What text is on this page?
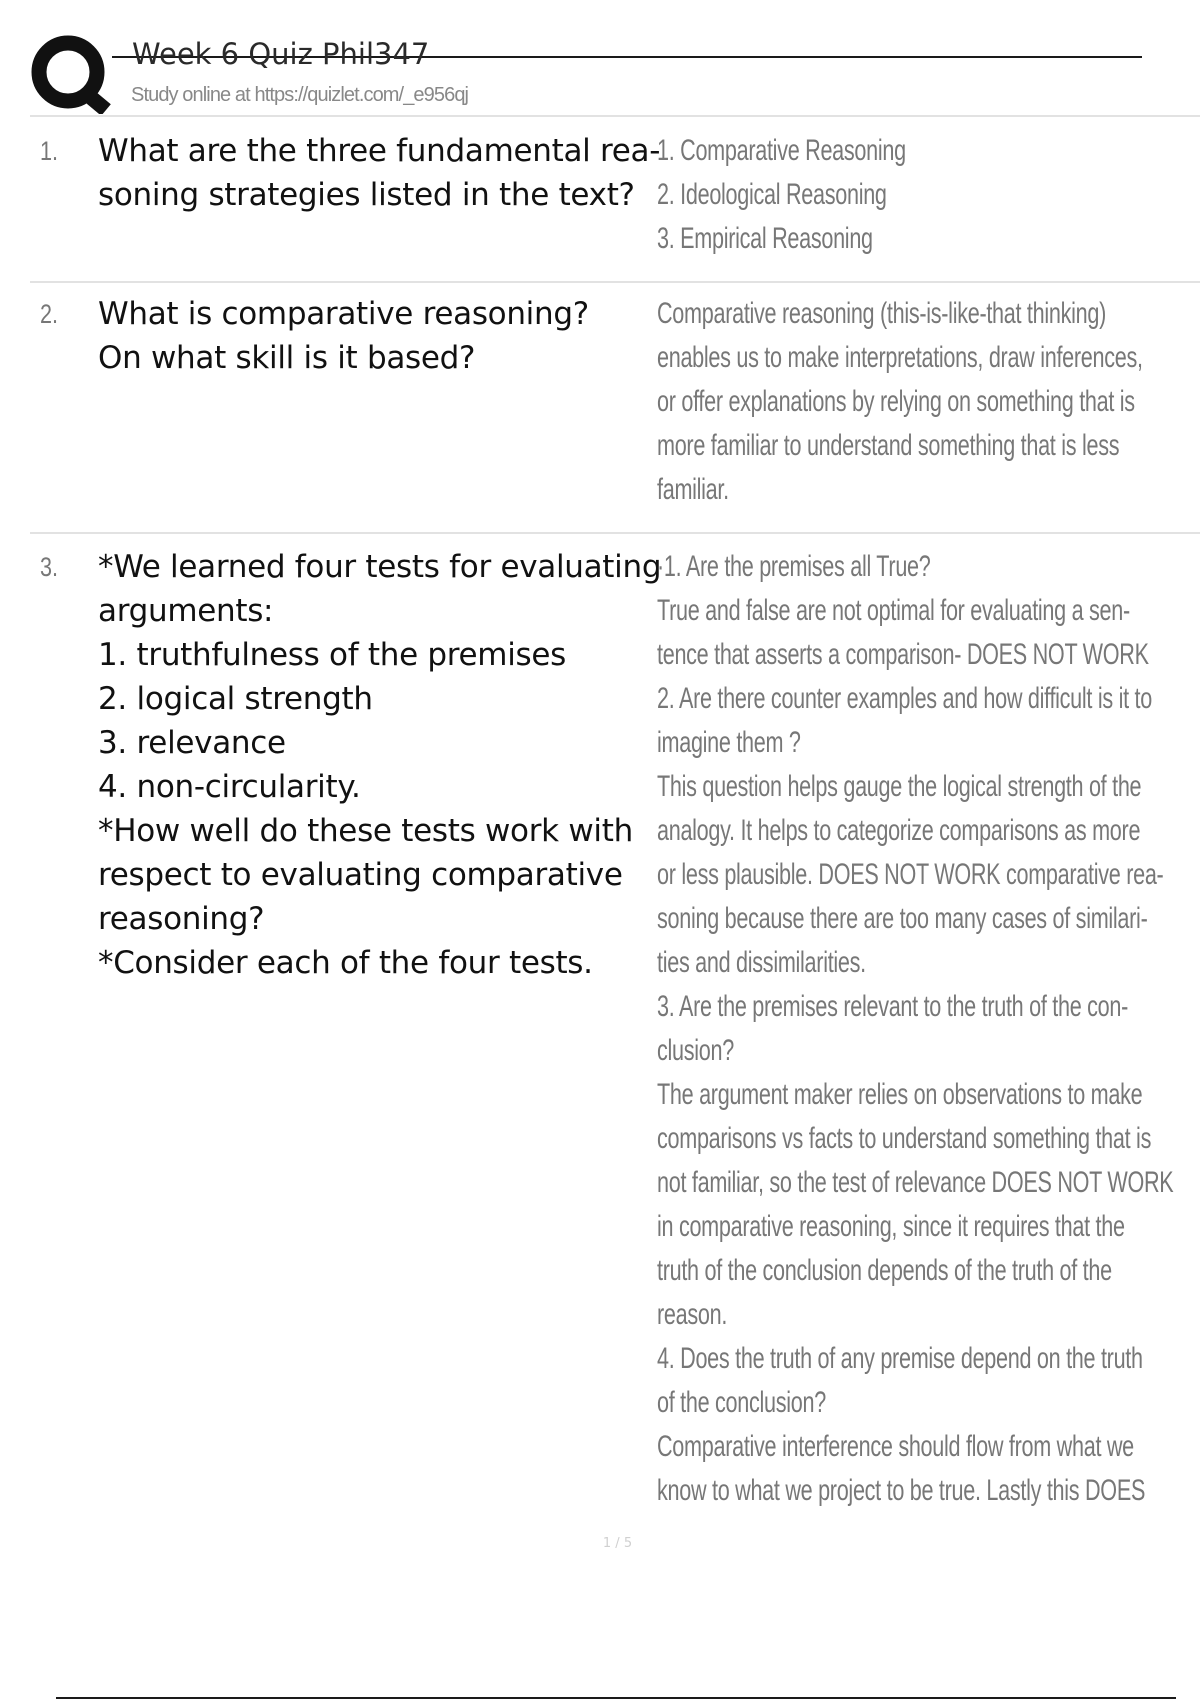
Week 6 Quiz Phil347
Study online at https://quizlet.com/_e956qj
1. What are the three fundamental rea-
soning strategies listed in the text?
1. Comparative Reasoning
2. Ideological Reasoning
3. Empirical Reasoning
2. What is comparative reasoning?
On what skill is it based?
Comparative reasoning (this-is-like-that thinking)
enables us to make interpretations, draw inferences,
or offer explanations by relying on something that is
more familiar to understand something that is less
familiar.
3. *We learned four tests for evaluating
arguments:
1. truthfulness of the premises
2. logical strength
3. relevance
4. non-circularity.
*How well do these tests work with
respect to evaluating comparative
reasoning?
*Consider each of the four tests.
·1. Are the premises all True?
True and false are not optimal for evaluating a sen-
tence that asserts a comparison- DOES NOT WORK
2. Are there counter examples and how difficult is it to
imagine them ?
This question helps gauge the logical strength of the
analogy. It helps to categorize comparisons as more
or less plausible. DOES NOT WORK comparative rea-
soning because there are too many cases of similari-
ties and dissimilarities.
3. Are the premises relevant to the truth of the con-
clusion?
The argument maker relies on observations to make
comparisons vs facts to understand something that is
not familiar, so the test of relevance DOES NOT WORK
in comparative reasoning, since it requires that the
truth of the conclusion depends of the truth of the
reason.
4. Does the truth of any premise depend on the truth
of the conclusion?
Comparative interference should flow from what we
know to what we project to be true. Lastly this DOES
1 / 5
